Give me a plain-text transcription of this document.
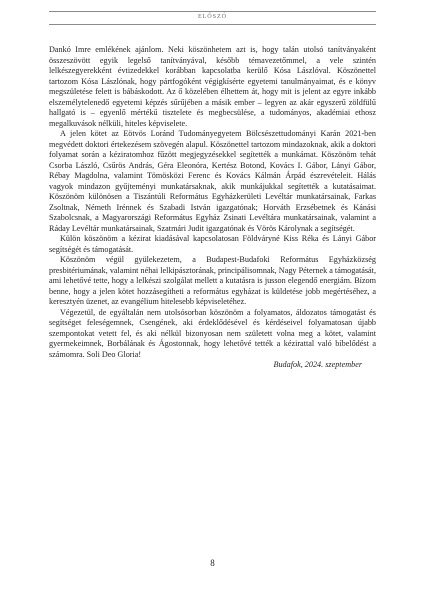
ELŐSZÓ

Dankó Imre emlékének ajánlom. Neki köszönhetem azt is, hogy talán utolsó tanítványaként összeszövött egyik legelső tanítványával, később témavezetőmmel, a vele szintén lelkészegyerekként évtizedekkel korábban kapcsolatba kerülő Kósa Lászlóval. Köszönettel tartozom Kósa Lászlónak, hogy pártfogóként végigkísérte egyetemi tanulmányaimat, és e könyv megszületése felett is bábáskodott. Az ő közelében élhettem át, hogy mit is jelent az egyre inkább elszemélytelenedő egyetemi képzés sűrűjében a másik ember – legyen az akár egyszerű zöldfülű hallgató is – egyenlő mértékű tisztelete és megbecsülése, a tudományos, akadémiai ethosz megalkuvások nélküli, hiteles képviselete.

A jelen kötet az Eötvös Loránd Tudományegyetem Bölcsészettudományi Karán 2021-ben megvédett doktori értekezésem szövegén alapul. Köszönettel tartozom mindazoknak, akik a doktori folyamat során a kéziratomhoz fűzött megjegyzésekkel segítették a munkámat. Köszönöm tehát Csorba László, Csűrös András, Géra Eleonóra, Kertész Botond, Kovács I. Gábor, Lányi Gábor, Rébay Magdolna, valamint Tömösközi Ferenc és Kovács Kálmán Árpád észrevételeit. Hálás vagyok mindazon gyűjteményi munkatársaknak, akik munkájukkal segítették a kutatásaimat. Köszönöm különösen a Tiszántúli Református Egyházkerületi Levéltár munkatársainak, Farkas Zsoltnak, Németh Irénnek és Szabadi István igazgatónak; Horváth Erzsébetnek és Kánási Szabolcsnak, a Magyarországi Református Egyház Zsinati Levéltára munkatársainak, valamint a Ráday Levéltár munkatársainak, Szatmári Judit igazgatónak és Vörös Károlynak a segítségét.

Külön köszönöm a kézirat kiadásával kapcsolatosan Földváryné Kiss Réka és Lányi Gábor segítségét és támogatását.

Köszönöm végül gyülekezetem, a Budapest-Budafoki Református Egyházközség presbitériumának, valamint néhai lelkipásztorának, principálisomnak, Nagy Péternek a támogatását, ami lehetővé tette, hogy a lelkészi szolgálat mellett a kutatásra is jusson elegendő energiám. Bízom benne, hogy a jelen kötet hozzásegítheti a református egyházat is küldetése jobb megértéséhez, a keresztyén üzenet, az evangélium hitelesebb képviseletéhez.

Végezetül, de egyáltalán nem utolsósorban köszönöm a folyamatos, áldozatos támogatást és segítséget feleségemnek, Csengének, aki érdeklődésével és kérdéseivel folyamatosan újabb szempontokat vetett fel, és aki nélkül bizonyosan nem született volna meg a kötet, valamint gyermekeimnek, Borbálának és Ágostonnak, hogy lehetővé tették a kézirattal való bíbelődést a számomra. Soli Deo Gloria!

Budafok, 2024. szeptember

8
